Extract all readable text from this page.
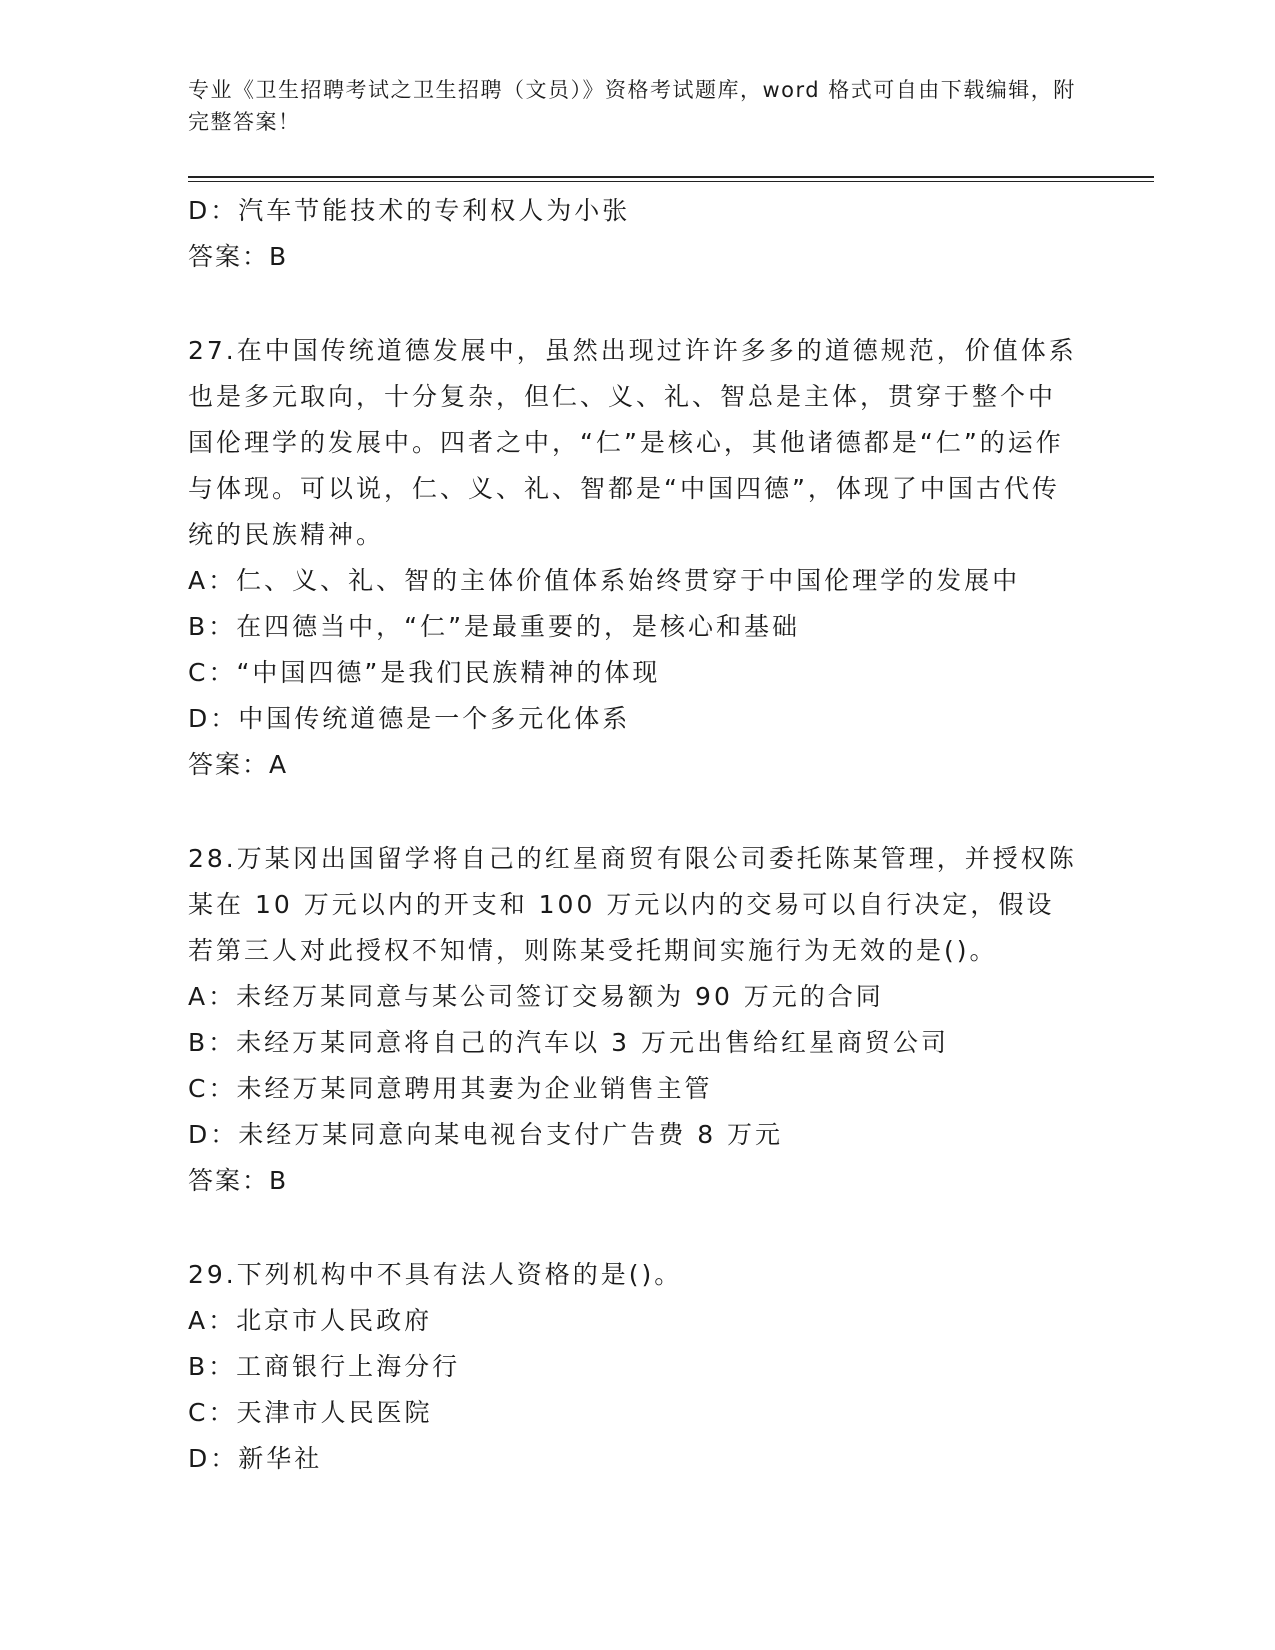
专业《卫生招聘考试之卫生招聘（文员）》资格考试题库，word 格式可自由下载编辑，附完整答案！
D：汽车节能技术的专利权人为小张
答案：B
27.在中国传统道德发展中，虽然出现过许许多多的道德规范，价值体系也是多元取向，十分复杂，但仁、义、礼、智总是主体，贯穿于整个中国伦理学的发展中。四者之中，“仁”是核心，其他诸德都是“仁”的运作与体现。可以说，仁、义、礼、智都是“中国四德”，体现了中国古代传统的民族精神。
A：仁、义、礼、智的主体价值体系始终贯穿于中国伦理学的发展中
B：在四德当中，“仁”是最重要的，是核心和基础
C：“中国四德”是我们民族精神的体现
D：中国传统道德是一个多元化体系
答案：A
28.万某冈出国留学将自己的红星商贸有限公司委托陈某管理，并授权陈某在 10 万元以内的开支和 100 万元以内的交易可以自行决定，假设若第三人对此授权不知情，则陈某受托期间实施行为无效的是()。
A：未经万某同意与某公司签订交易额为 90 万元的合同
B：未经万某同意将自己的汽车以 3 万元出售给红星商贸公司
C：未经万某同意聘用其妻为企业销售主管
D：未经万某同意向某电视台支付广告费 8 万元
答案：B
29.下列机构中不具有法人资格的是()。
A：北京市人民政府
B：工商银行上海分行
C：天津市人民医院
D：新华社
